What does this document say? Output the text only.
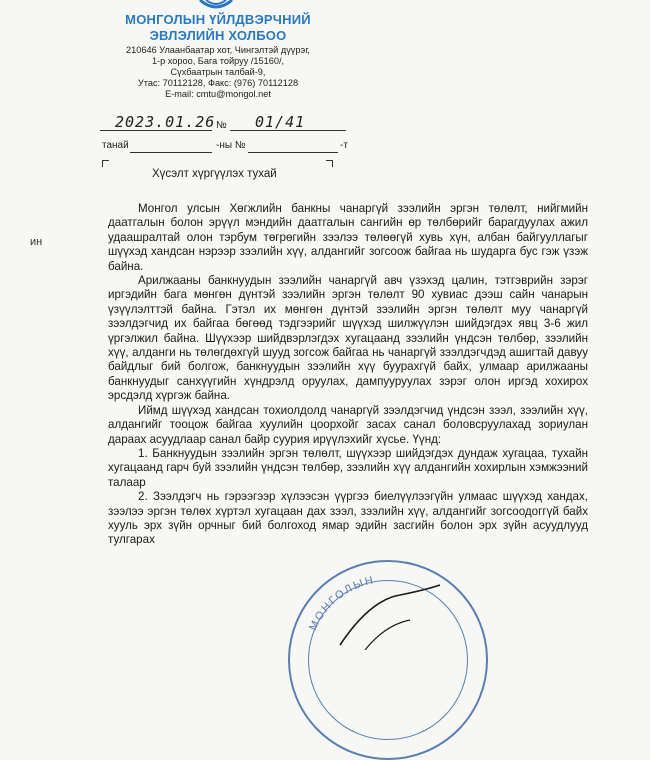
МОНГОЛЫН ҮЙЛДВЭРЧНИЙ
ЭВЛЭЛИЙН ХОЛБОО
210646 Улаанбаатар хот, Чингэлтэй дүүрэг,
1-р хороо, Бага тойруу /15160/,
Сүхбаатрын талбай-9,
Утас: 70112128, Факс: (976) 70112128
E-mail: cmtu@mongol.net
2023.01.26 № 01/41
танай	-ны №	-т
Хүсэлт хүргүүлэх тухай
ин

Монгол улсын Хөгжлийн банкны чанаргүй зээлийн эргэн төлөлт, нийгмийн даатгалын болон эрүүл мэндийн даатгалын сангийн өр төлбөрийг барагдуулах ажил удаашралтай олон тэрбум төгрөгийн зээлээ төлөөгүй хувь хүн, албан байгууллагыг шүүхэд хандсан нэрээр зээлийн хүү, алдангийг зогсоож байгаа нь шударга бус гэж үзэж байна.

Арилжааны банкнуудын зээлийн чанаргүй авч үзэхэд цалин, тэтгэврийн зэрэг иргэдийн бага мөнгөн дүнтэй зээлийн эргэн төлөлт 90 хувиас дээш сайн чанарын үзүүлэлттэй байна. Гэтэл их мөнгөн дүнтэй зээлийн эргэн төлөлт муу чанаргүй зээлдэгчид их байгаа бөгөөд тэдгээрийг шүүхэд шилжүүлэн шийдэгдэх явц 3-6 жил үргэлжил байна. Шүүхээр шийдвэрлэгдэх хугацаанд зээлийн үндсэн төлбөр, зээлийн хүү, алданги нь төлөгдөхгүй шууд зогсож байгаа нь чанаргүй зээлдэгчдэд ашигтай давуу байдлыг бий болгож, банкнуудын зээлийн хүү буурахгүй байх, улмаар арилжааны банкнуудыг санхүүгийн хүндрэлд оруулах, дампууруулах зэрэг олон иргэд хохирох эрсдэлд хүргэж байна.

Иймд шүүхэд хандсан тохиолдолд чанаргүй зээлдэгчид үндсэн зээл, зээлийн хүү, алдангийг тооцож байгаа хуулийн цоорхойг засах санал боловсруулахад зориулан дараах асуудлаар санал байр суурия ирүүлэхийг хүсье. Үүнд:

1. Банкнуудын зээлийн эргэн төлөлт, шүүхээр шийдэгдэх дундаж хугацаа, тухайн хугацаанд гарч буй зээлийн үндсэн төлбөр, зээлийн хүү алдангийн хохирлын хэмжээний талаар

2. Зээлдэгч нь гэрээгээр хүлээсэн үүргээ биелүүлээгүйн улмаас шүүхэд хандах, зээлээ эргэн төлөх хүртэл хугацаан дах зээл, зээлийн хүү, алдангийг зогсоодоггүй байх хууль эрх зүйн орчныг бий болгоход ямар эдийн засгийн болон эрх зүйн асуудлууд тулгарах

МОНГОЛЫН
